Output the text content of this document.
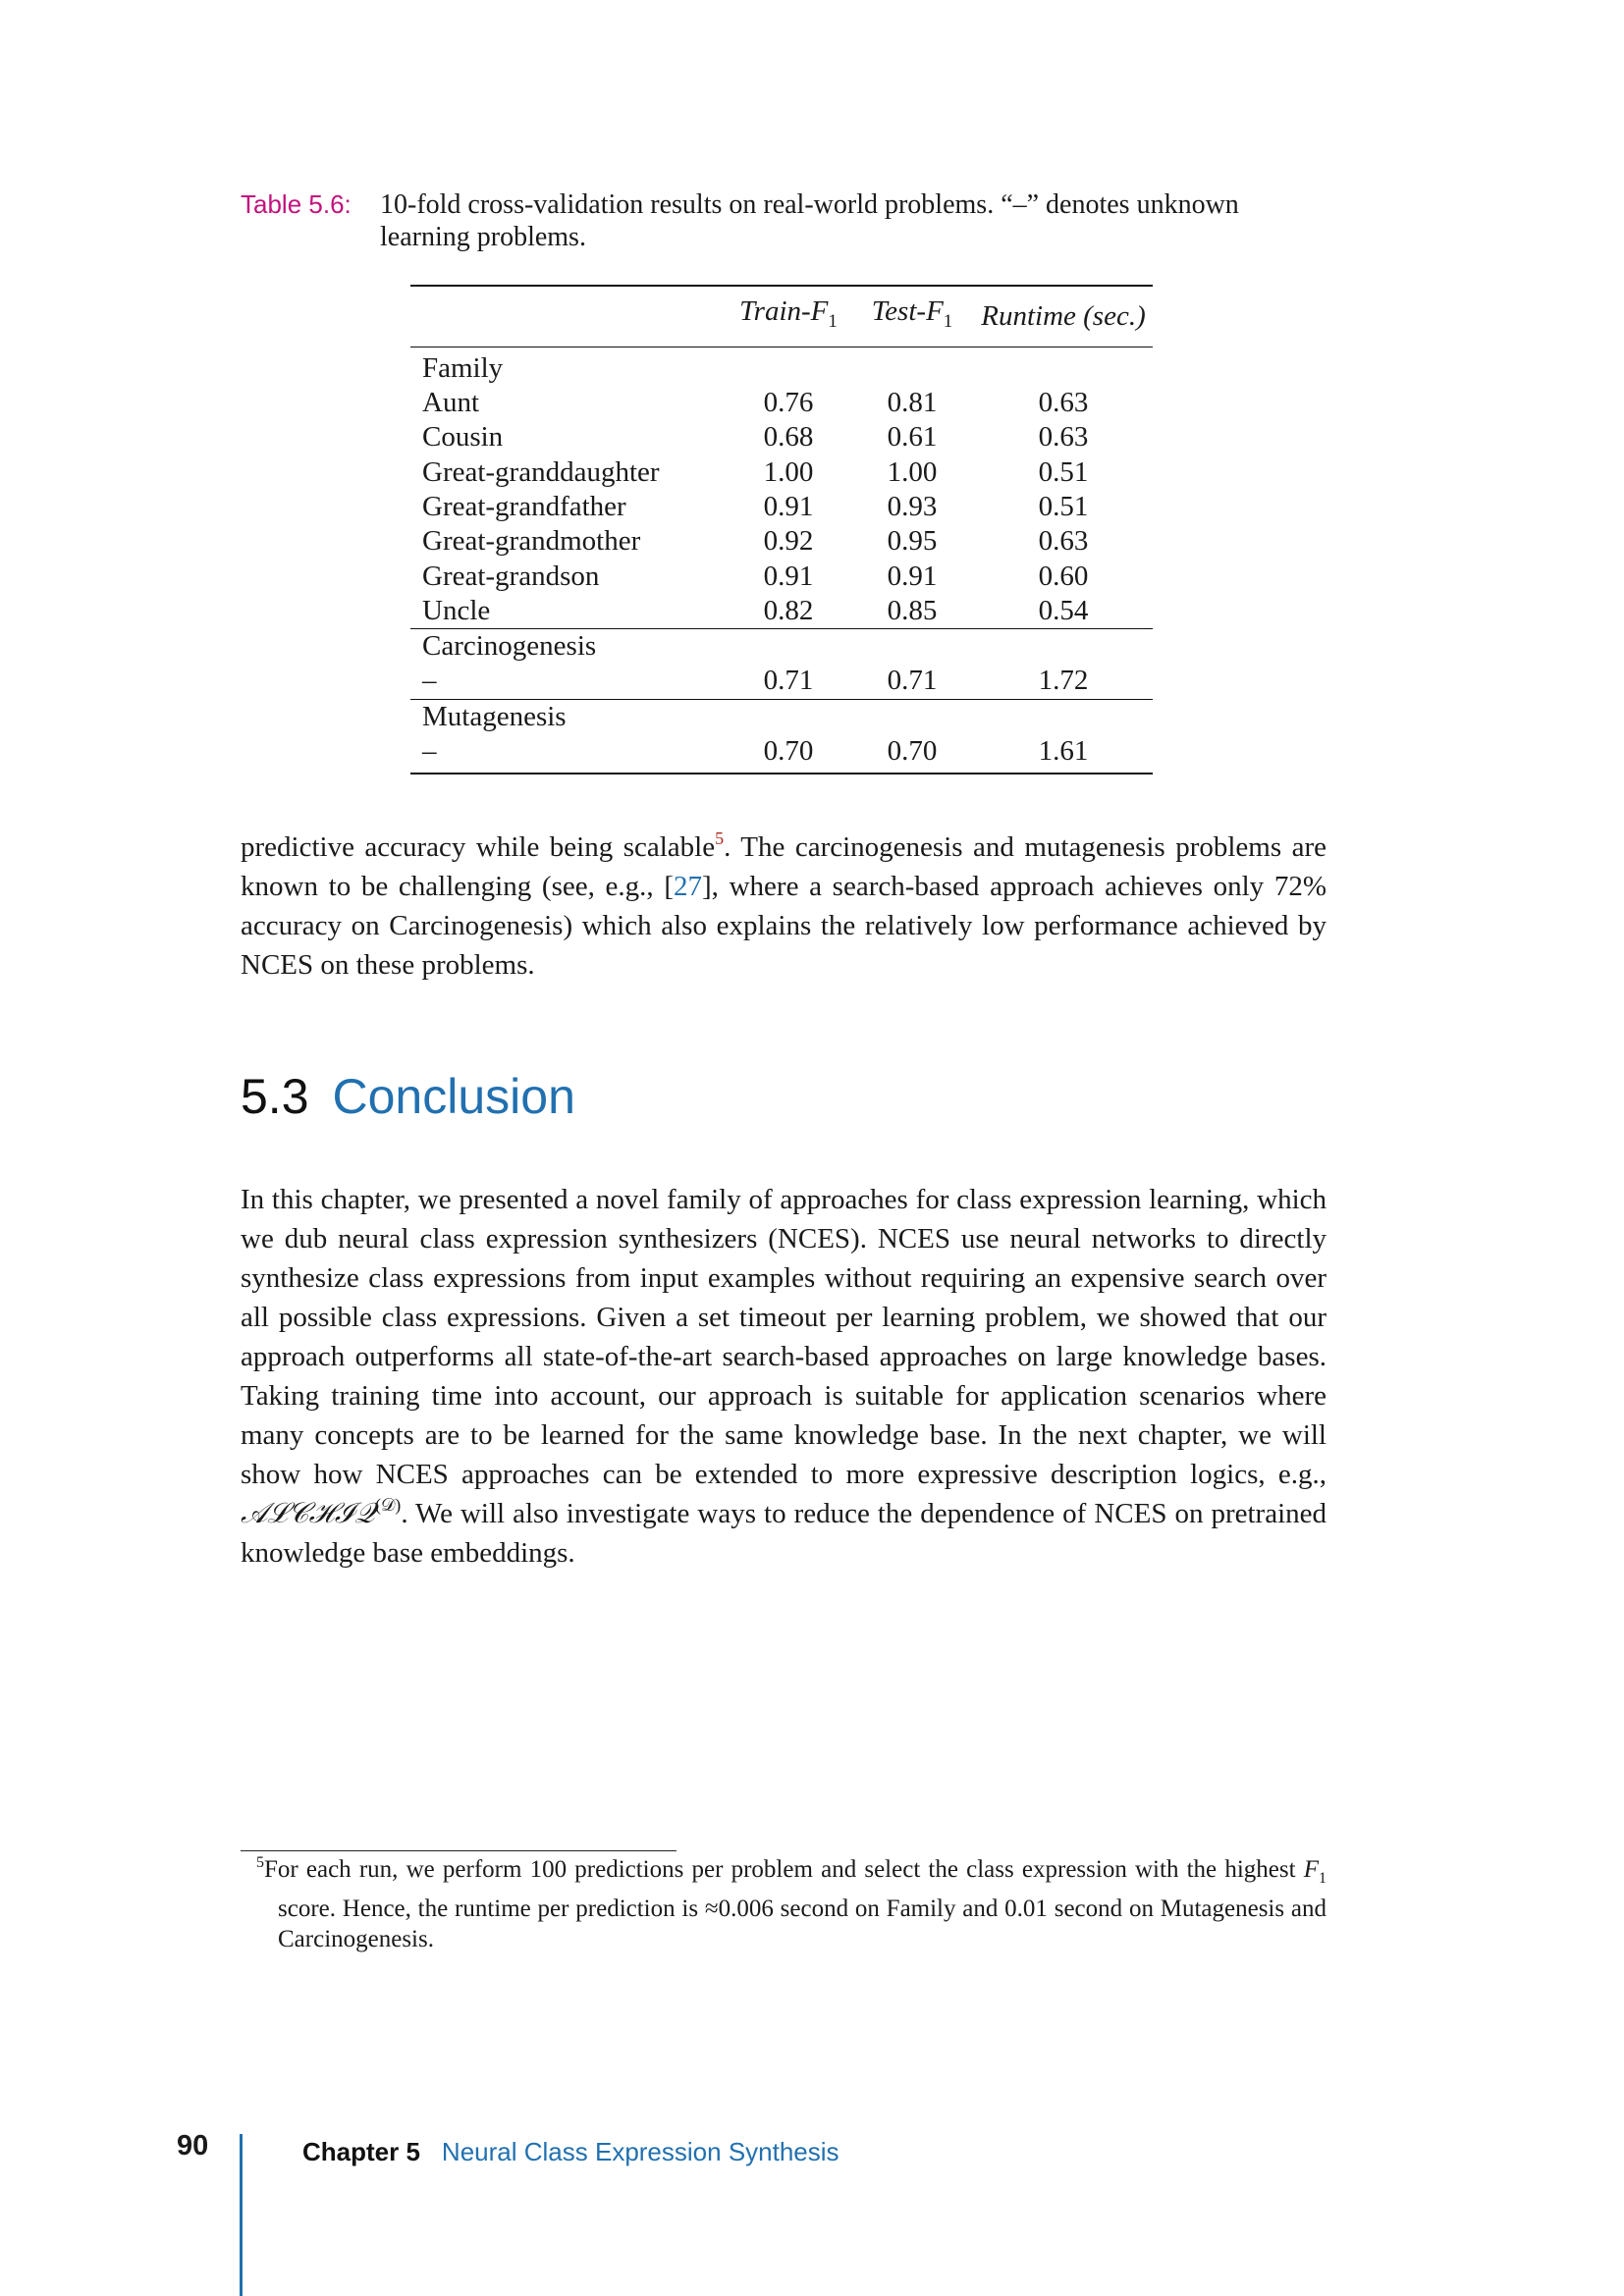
Table 5.6: 10-fold cross-validation results on real-world problems. “–” denotes unknown learning problems.
	Train-$F_1$	Test-$F_1$	Runtime (sec.)
Family			
Aunt	0.76	0.81	0.63
Cousin	0.68	0.61	0.63
Great-granddaughter	1.00	1.00	0.51
Great-grandfather	0.91	0.93	0.51
Great-grandmother	0.92	0.95	0.63
Great-grandson	0.91	0.91	0.60
Uncle	0.82	0.85	0.54
Carcinogenesis			
–	0.71	0.71	1.72
Mutagenesis			
–	0.70	0.70	1.61
predictive accuracy while being scalable$^5$. The carcinogenesis and mutagenesis problems are known to be challenging (see, e.g., [27], where a search-based approach achieves only 72% accuracy on Carcinogenesis) which also explains the relatively low performance achieved by NCES on these problems.
5.3 Conclusion
In this chapter, we presented a novel family of approaches for class expression learning, which we dub neural class expression synthesizers (NCES). NCES use neural networks to directly synthesize class expressions from input examples without requiring an expensive search over all possible class expressions. Given a set timeout per learning problem, we showed that our approach outperforms all state-of-the-art search-based approaches on large knowledge bases. Taking training time into account, our approach is suitable for application scenarios where many concepts are to be learned for the same knowledge base. In the next chapter, we will show how NCES approaches can be extended to more expressive description logics, e.g., 𝒜ℒ𝒞ℋℐ𝒬$^{(𝒟)}$. We will also investigate ways to reduce the dependence of NCES on pretrained knowledge base embeddings.
$^5$For each run, we perform 100 predictions per problem and select the class expression with the highest $F_1$ score. Hence, the runtime per prediction is ≈0.006 second on Family and 0.01 second on Mutagenesis and Carcinogenesis.
90	Chapter 5 Neural Class Expression Synthesis
